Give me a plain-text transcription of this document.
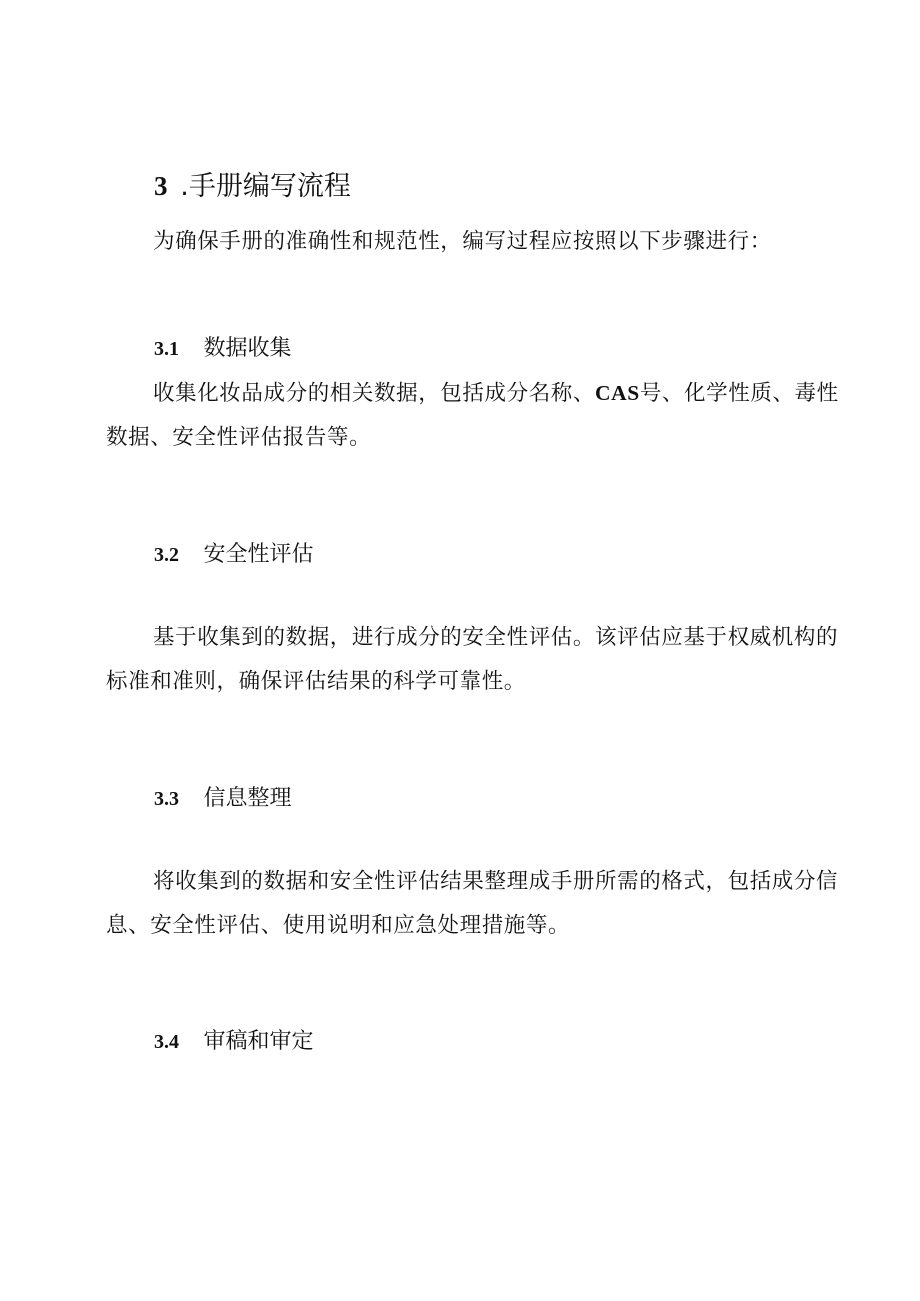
3 .手册编写流程
为确保手册的准确性和规范性，编写过程应按照以下步骤进行：
3.1 数据收集
收集化妆品成分的相关数据，包括成分名称、CAS号、化学性质、毒性数据、安全性评估报告等。
3.2 安全性评估
基于收集到的数据，进行成分的安全性评估。该评估应基于权威机构的标准和准则，确保评估结果的科学可靠性。
3.3 信息整理
将收集到的数据和安全性评估结果整理成手册所需的格式，包括成分信息、安全性评估、使用说明和应急处理措施等。
3.4 审稿和审定
